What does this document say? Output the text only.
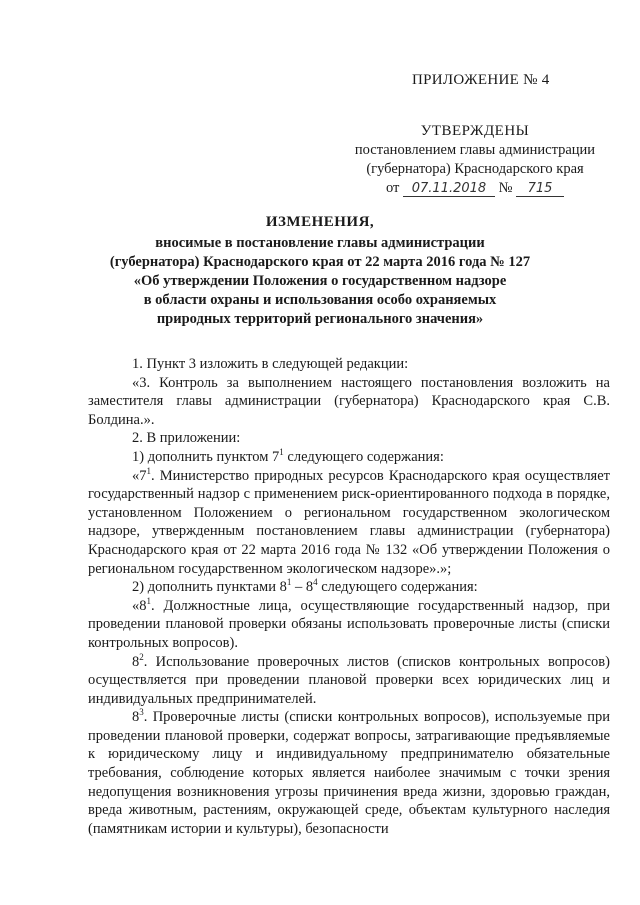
ПРИЛОЖЕНИЕ № 4
УТВЕРЖДЕНЫ
постановлением главы администрации
(губернатора) Краснодарского края
от 07.11.2018 № 715
ИЗМЕНЕНИЯ,
вносимые в постановление главы администрации
(губернатора) Краснодарского края от 22 марта 2016 года № 127
«Об утверждении Положения о государственном надзоре
в области охраны и использования особо охраняемых
природных территорий регионального значения»

1. Пункт 3 изложить в следующей редакции:

«3. Контроль за выполнением настоящего постановления возложить на заместителя главы администрации (губернатора) Краснодарского края С.В. Болдина.».

2. В приложении:

1) дополнить пунктом $7^1$ следующего содержания:

«$7^1$. Министерство природных ресурсов Краснодарского края осуществляет государственный надзор с применением риск-ориентированного подхода в порядке, установленном Положением о региональном государственном экологическом надзоре, утвержденным постановлением главы администрации (губернатора) Краснодарского края от 22 марта 2016 года № 132 «Об утверждении Положения о региональном государственном экологическом надзоре».»;

2) дополнить пунктами $8^1 - 8^4$ следующего содержания:

«$8^1$. Должностные лица, осуществляющие государственный надзор, при проведении плановой проверки обязаны использовать проверочные листы (списки контрольных вопросов).

$8^2$. Использование проверочных листов (списков контрольных вопросов) осуществляется при проведении плановой проверки всех юридических лиц и индивидуальных предпринимателей.

$8^3$. Проверочные листы (списки контрольных вопросов), используемые при проведении плановой проверки, содержат вопросы, затрагивающие предъявляемые к юридическому лицу и индивидуальному предпринимателю обязательные требования, соблюдение которых является наиболее значимым с точки зрения недопущения возникновения угрозы причинения вреда жизни, здоровью граждан, вреда животным, растениям, окружающей среде, объектам культурного наследия (памятникам истории и культуры), безопасности
